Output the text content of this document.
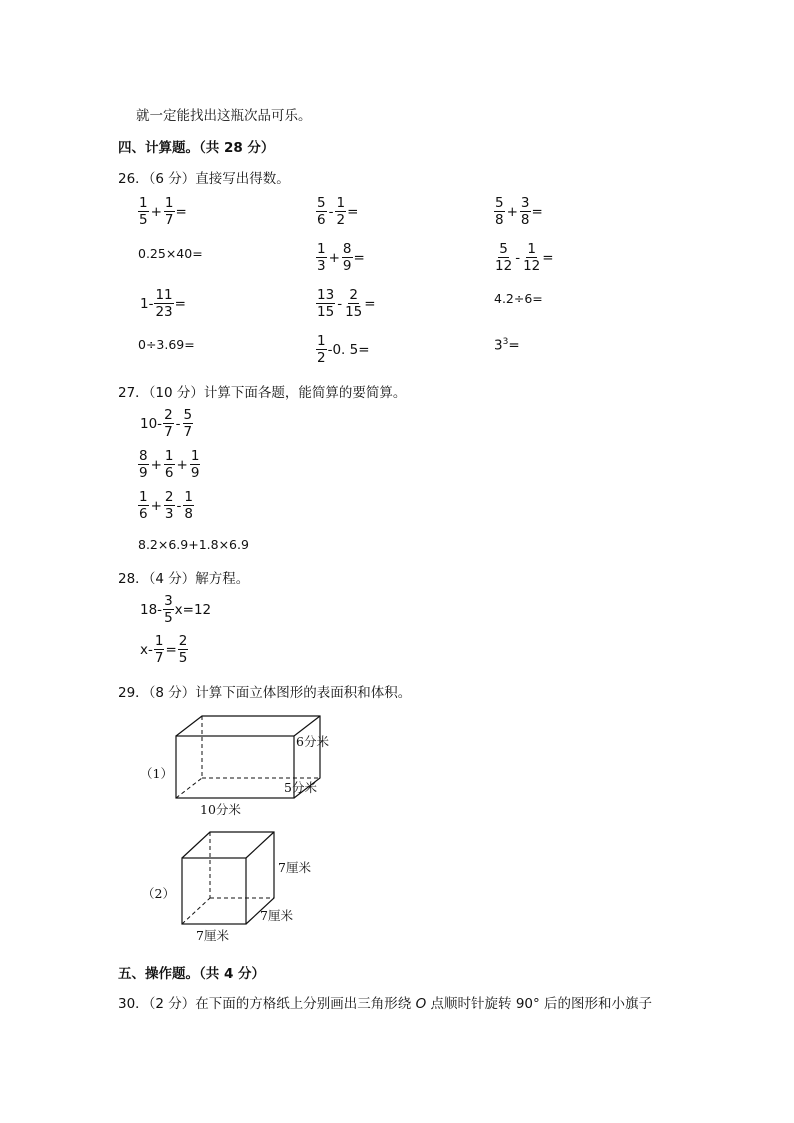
就一定能找出这瓶次品可乐。
四、计算题。（共 28 分）
26．（6 分）直接写出得数。
$\frac{1}{5} + \frac{1}{7}$ =	$\frac{5}{6} - \frac{1}{2}$ =	$\frac{5}{8} + \frac{3}{8}$ =
0.25×40=	$\frac{1}{3} + \frac{8}{9}$ =	$\frac{5}{12} - \frac{1}{12}$ =
$1- \frac{11}{23}$ =	$\frac{13}{15} - \frac{2}{15}$ =	4.2÷6=
0÷3.69=	$\frac{1}{2} -0$. 5=	$3^3=$
27．（10 分）计算下面各题，能简算的要简算。
$10- \frac{2}{7} - \frac{5}{7}$
$\frac{8}{9} + \frac{1}{6} + \frac{1}{9}$
$\frac{1}{6} + \frac{2}{3} - \frac{1}{8}$
8.2×6.9+1.8×6.9
28．（4 分）解方程。
$18- \frac{3}{5} x=12$
$x- \frac{1}{7} = \frac{2}{5}$
29．（8 分）计算下面立体图形的表面积和体积。
（1）
6分米
5分米
10分米
（2）
7厘米
7厘米
7厘米
五、操作题。（共 4 分）
30．（2 分）在下面的方格纸上分别画出三角形绕 O 点顺时针旋转 90° 后的图形和小旗子
